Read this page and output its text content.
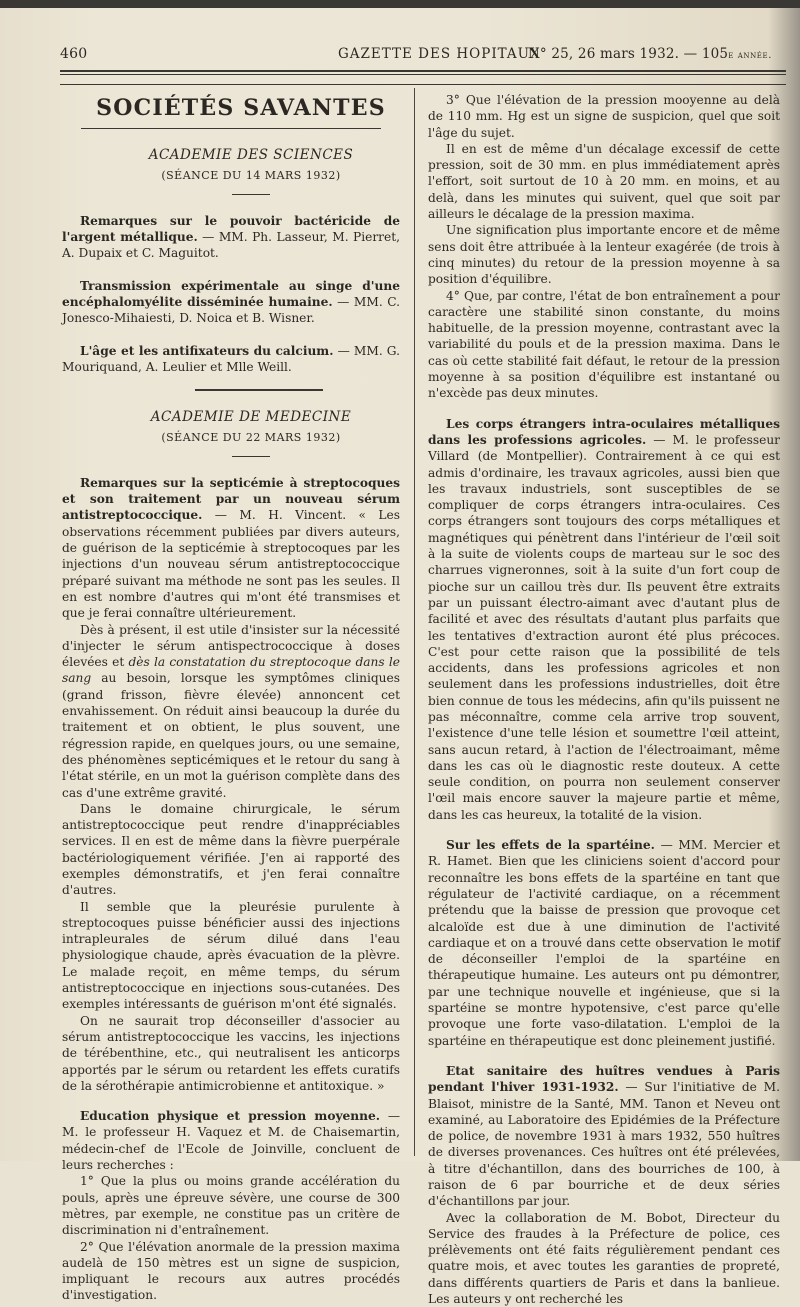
460	GAZETTE DES HOPITAUX
N° 25, 26 mars 1932. — 105e année.
SOCIÉTÉS SAVANTES
ACADEMIE DES SCIENCES
(SÉANCE DU 14 MARS 1932)

Remarques sur le pouvoir bactéricide de l'argent métallique. — MM. Ph. Lasseur, M. Pierret, A. Dupaix et C. Maguitot.

Transmission expérimentale au singe d'une encéphalomyélite disséminée humaine. — MM. C. Jonesco-Mihaiesti, D. Noica et B. Wisner.

L'âge et les antifixateurs du calcium. — MM. G. Mouriquand, A. Leulier et Mlle Weill.

ACADEMIE DE MEDECINE
(SÉANCE DU 22 MARS 1932)

Remarques sur la septicémie à streptocoques et son traitement par un nouveau sérum antistreptococcique. — M. H. Vincent. « Les observations récemment publiées par divers auteurs, de guérison de la septicémie à streptocoques par les injections d'un nouveau sérum antistreptococcique préparé suivant ma méthode ne sont pas les seules. Il en est nombre d'autres qui m'ont été transmises et que je ferai connaître ultérieurement.

Dès à présent, il est utile d'insister sur la nécessité d'injecter le sérum antispectrococcique à doses élevées et dès la constatation du streptocoque dans le sang au besoin, lorsque les symptômes cliniques (grand frisson, fièvre élevée) annoncent cet envahissement. On réduit ainsi beaucoup la durée du traitement et on obtient, le plus souvent, une régression rapide, en quelques jours, ou une semaine, des phénomènes septicémiques et le retour du sang à l'état stérile, en un mot la guérison complète dans des cas d'une extrême gravité.

Dans le domaine chirurgicale, le sérum antistreptococcique peut rendre d'inappréciables services. Il en est de même dans la fièvre puerpérale bactériologiquement vérifiée. J'en ai rapporté des exemples démonstratifs, et j'en ferai connaître d'autres.

Il semble que la pleurésie purulente à streptocoques puisse bénéficier aussi des injections intrapleurales de sérum dilué dans l'eau physiologique chaude, après évacuation de la plèvre. Le malade reçoit, en même temps, du sérum antistreptococcique en injections sous-cutanées. Des exemples intéressants de guérison m'ont été signalés.

On ne saurait trop déconseiller d'associer au sérum antistreptococcique les vaccins, les injections de térébenthine, etc., qui neutralisent les anticorps apportés par le sérum ou retardent les effets curatifs de la sérothérapie antimicrobienne et antitoxique. »

Education physique et pression moyenne. — M. le professeur H. Vaquez et M. de Chaisemartin, médecin-chef de l'Ecole de Joinville, concluent de leurs recherches :

1° Que la plus ou moins grande accélération du pouls, après une épreuve sévère, une course de 300 mètres, par exemple, ne constitue pas un critère de discrimination ni d'entraînement.

2° Que l'élévation anormale de la pression maxima audelà de 150 mètres est un signe de suspicion, impliquant le recours aux autres procédés d'investigation.

3° Que l'élévation de la pression mooyenne au delà de 110 mm. Hg est un signe de suspicion, quel que soit l'âge du sujet.

Il en est de même d'un décalage excessif de cette pression, soit de 30 mm. en plus immédiatement après l'effort, soit surtout de 10 à 20 mm. en moins, et au delà, dans les minutes qui suivent, quel que soit par ailleurs le décalage de la pression maxima.

Une signification plus importante encore et de même sens doit être attribuée à la lenteur exagérée (de trois à cinq minutes) du retour de la pression moyenne à sa position d'équilibre.

4° Que, par contre, l'état de bon entraînement a pour caractère une stabilité sinon constante, du moins habituelle, de la pression moyenne, contrastant avec la variabilité du pouls et de la pression maxima. Dans le cas où cette stabilité fait défaut, le retour de la pression moyenne à sa position d'équilibre est instantané ou n'excède pas deux minutes.

Les corps étrangers intra-oculaires métalliques dans les professions agricoles. — M. le professeur Villard (de Montpellier). Contrairement à ce qui est admis d'ordinaire, les travaux agricoles, aussi bien que les travaux industriels, sont susceptibles de se compliquer de corps étrangers intra-oculaires. Ces corps étrangers sont toujours des corps métalliques et magnétiques qui pénètrent dans l'intérieur de l'œil soit à la suite de violents coups de marteau sur le soc des charrues vigneronnes, soit à la suite d'un fort coup de pioche sur un caillou très dur. Ils peuvent être extraits par un puissant électro-aimant avec d'autant plus de facilité et avec des résultats d'autant plus parfaits que les tentatives d'extraction auront été plus précoces. C'est pour cette raison que la possibilité de tels accidents, dans les professions agricoles et non seulement dans les professions industrielles, doit être bien connue de tous les médecins, afin qu'ils puissent ne pas méconnaître, comme cela arrive trop souvent, l'existence d'une telle lésion et soumettre l'œil atteint, sans aucun retard, à l'action de l'électroaimant, même dans les cas où le diagnostic reste douteux. A cette seule condition, on pourra non seulement conserver l'œil mais encore sauver la majeure partie et même, dans les cas heureux, la totalité de la vision.

Sur les effets de la spartéine. — MM. Mercier et R. Hamet. Bien que les cliniciens soient d'accord pour reconnaître les bons effets de la spartéine en tant que régulateur de l'activité cardiaque, on a récemment prétendu que la baisse de pression que provoque cet alcaloïde est due à une diminution de l'activité cardiaque et on a trouvé dans cette observation le motif de déconseiller l'emploi de la spartéine en thérapeutique humaine. Les auteurs ont pu démontrer, par une technique nouvelle et ingénieuse, que si la spartéine se montre hypotensive, c'est parce qu'elle provoque une forte vaso-dilatation. L'emploi de la spartéine en thérapeutique est donc pleinement justifié.

Etat sanitaire des huîtres vendues à Paris pendant l'hiver 1931-1932. — Sur l'initiative de M. Blaisot, ministre de la Santé, MM. Tanon et Neveu ont examiné, au Laboratoire des Epidémies de la Préfecture de police, de novembre 1931 à mars 1932, 550 huîtres de diverses provenances. Ces huîtres ont été prélevées, à titre d'échantillon, dans des bourriches de 100, à raison de 6 par bourriche et de deux séries d'échantillons par jour.

Avec la collaboration de M. Bobot, Directeur du Service des fraudes à la Préfecture de police, ces prélèvements ont été faits régulièrement pendant ces quatre mois, et avec toutes les garanties de propreté, dans différents quartiers de Paris et dans la banlieue. Les auteurs y ont recherché les
